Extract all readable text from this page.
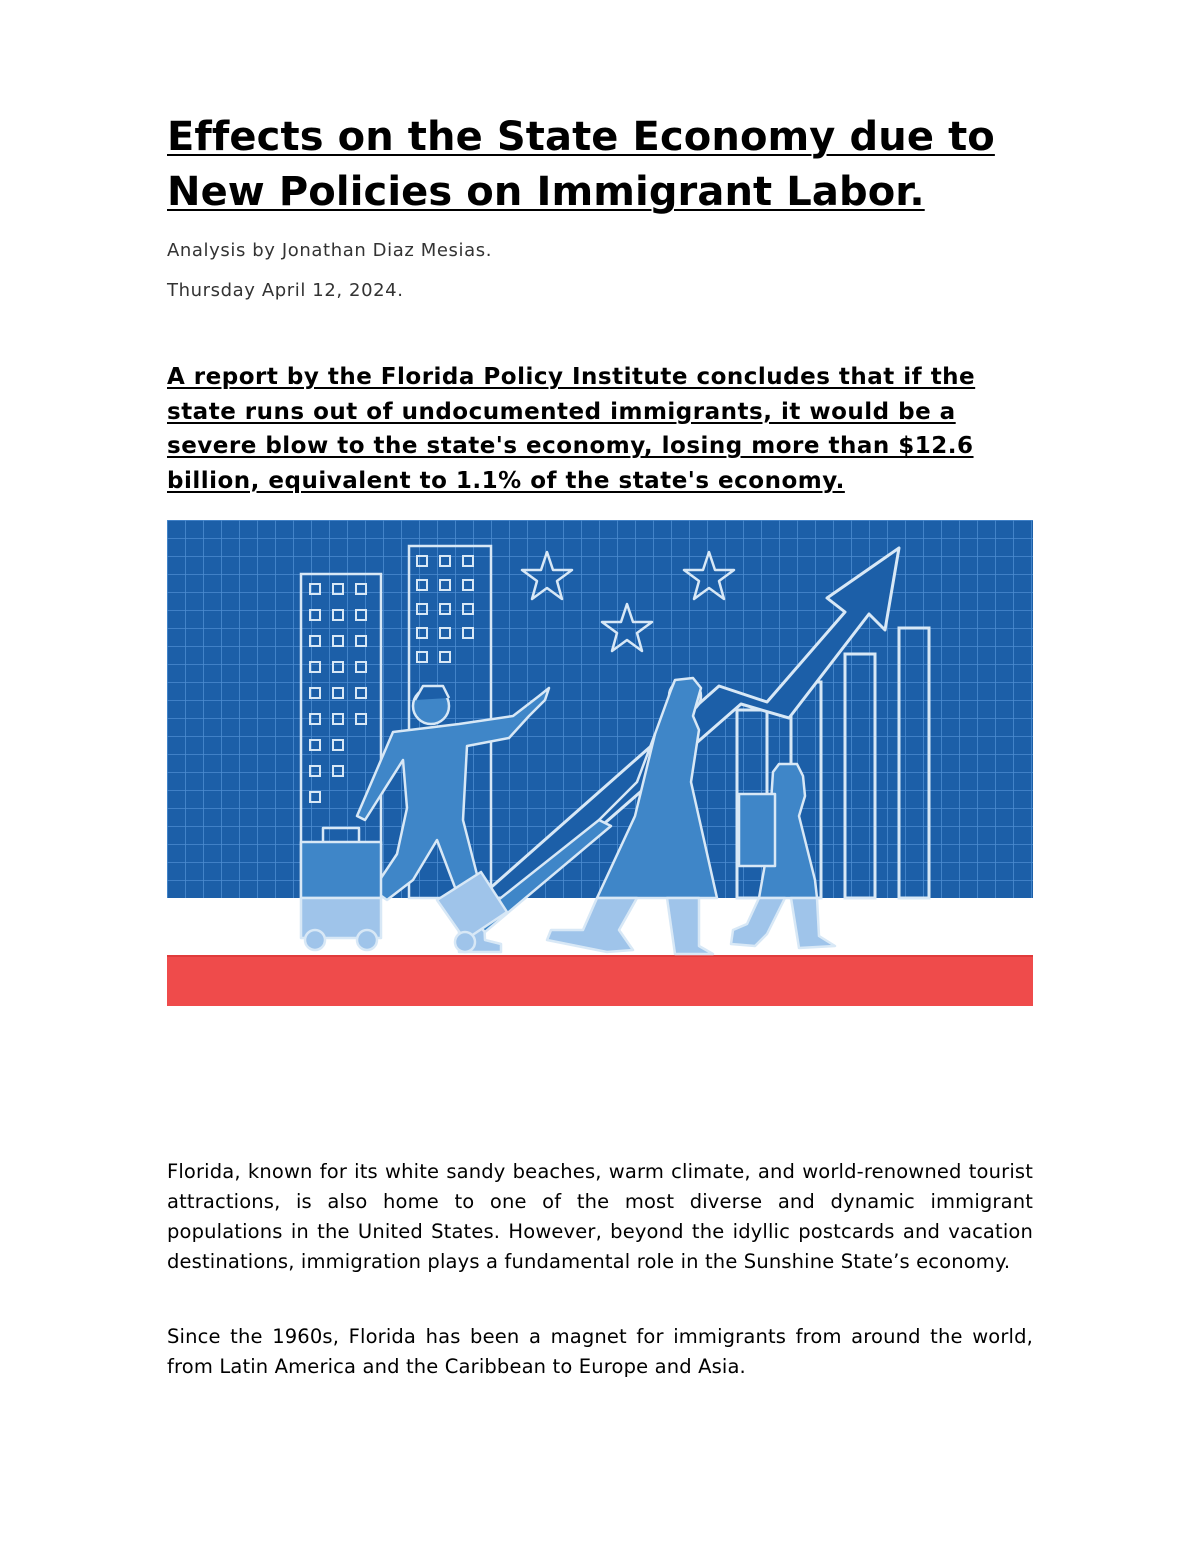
Effects on the State Economy due to New Policies on Immigrant Labor.

Analysis by Jonathan Diaz Mesias.

Thursday April 12, 2024.

A report by the Florida Policy Institute concludes that if the state runs out of undocumented immigrants, it would be a severe blow to the state's economy, losing more than $12.6 billion, equivalent to 1.1% of the state's economy.

Florida, known for its white sandy beaches, warm climate, and world-renowned tourist attractions, is also home to one of the most diverse and dynamic immigrant populations in the United States. However, beyond the idyllic postcards and vacation destinations, immigration plays a fundamental role in the Sunshine State’s economy.

Since the 1960s, Florida has been a magnet for immigrants from around the world, from Latin America and the Caribbean to Europe and Asia.
